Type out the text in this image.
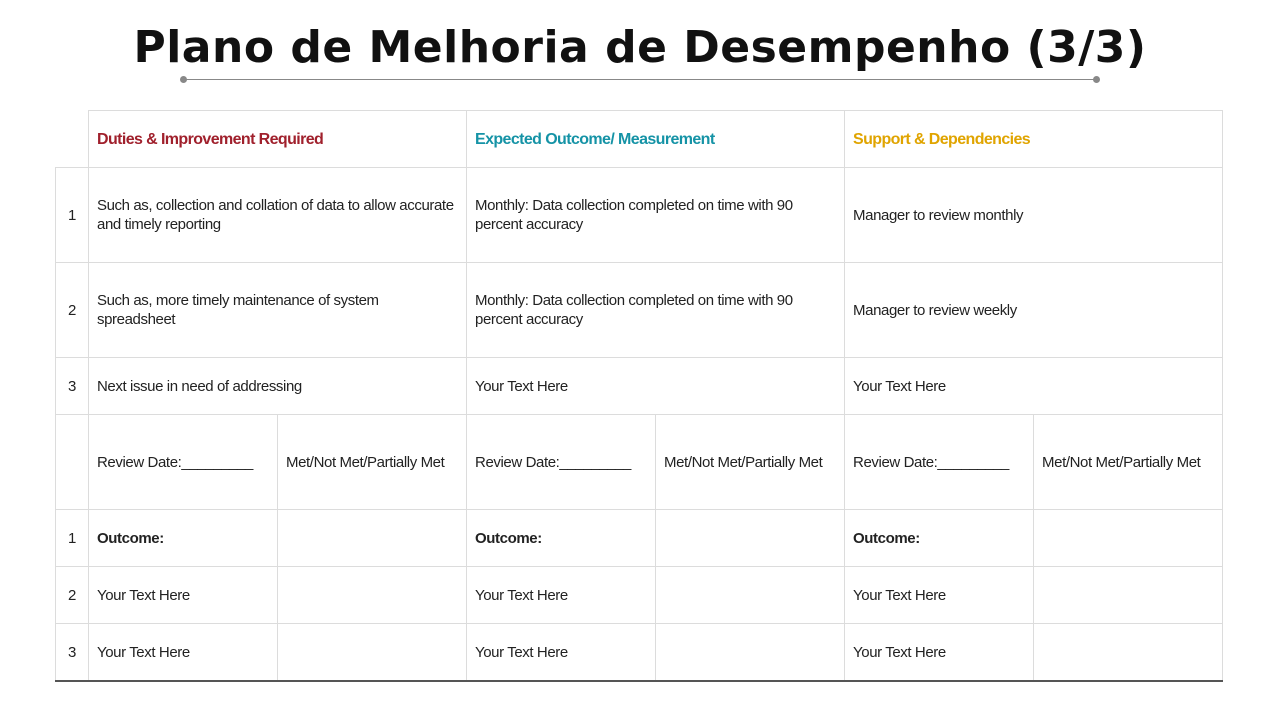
Plano de Melhoria de Desempenho (3/3)
	Duties & Improvement Required		Expected Outcome/ Measurement		Support & Dependencies	
1	Such as, collection and collation of data to allow accurate and timely reporting		Monthly: Data collection completed on time with 90 percent accuracy		Manager to review monthly	
2	Such as, more timely maintenance of system spreadsheet		Monthly: Data collection completed on time with 90 percent accuracy		Manager to review weekly	
3	Next issue in need of addressing		Your Text Here		Your Text Here	
	Review Date:_________	Met/Not Met/Partially Met	Review Date:_________	Met/Not Met/Partially Met	Review Date:_________	Met/Not Met/Partially Met
1	Outcome:		Outcome:		Outcome:	
2	Your Text Here		Your Text Here		Your Text Here	
3	Your Text Here		Your Text Here		Your Text Here	
